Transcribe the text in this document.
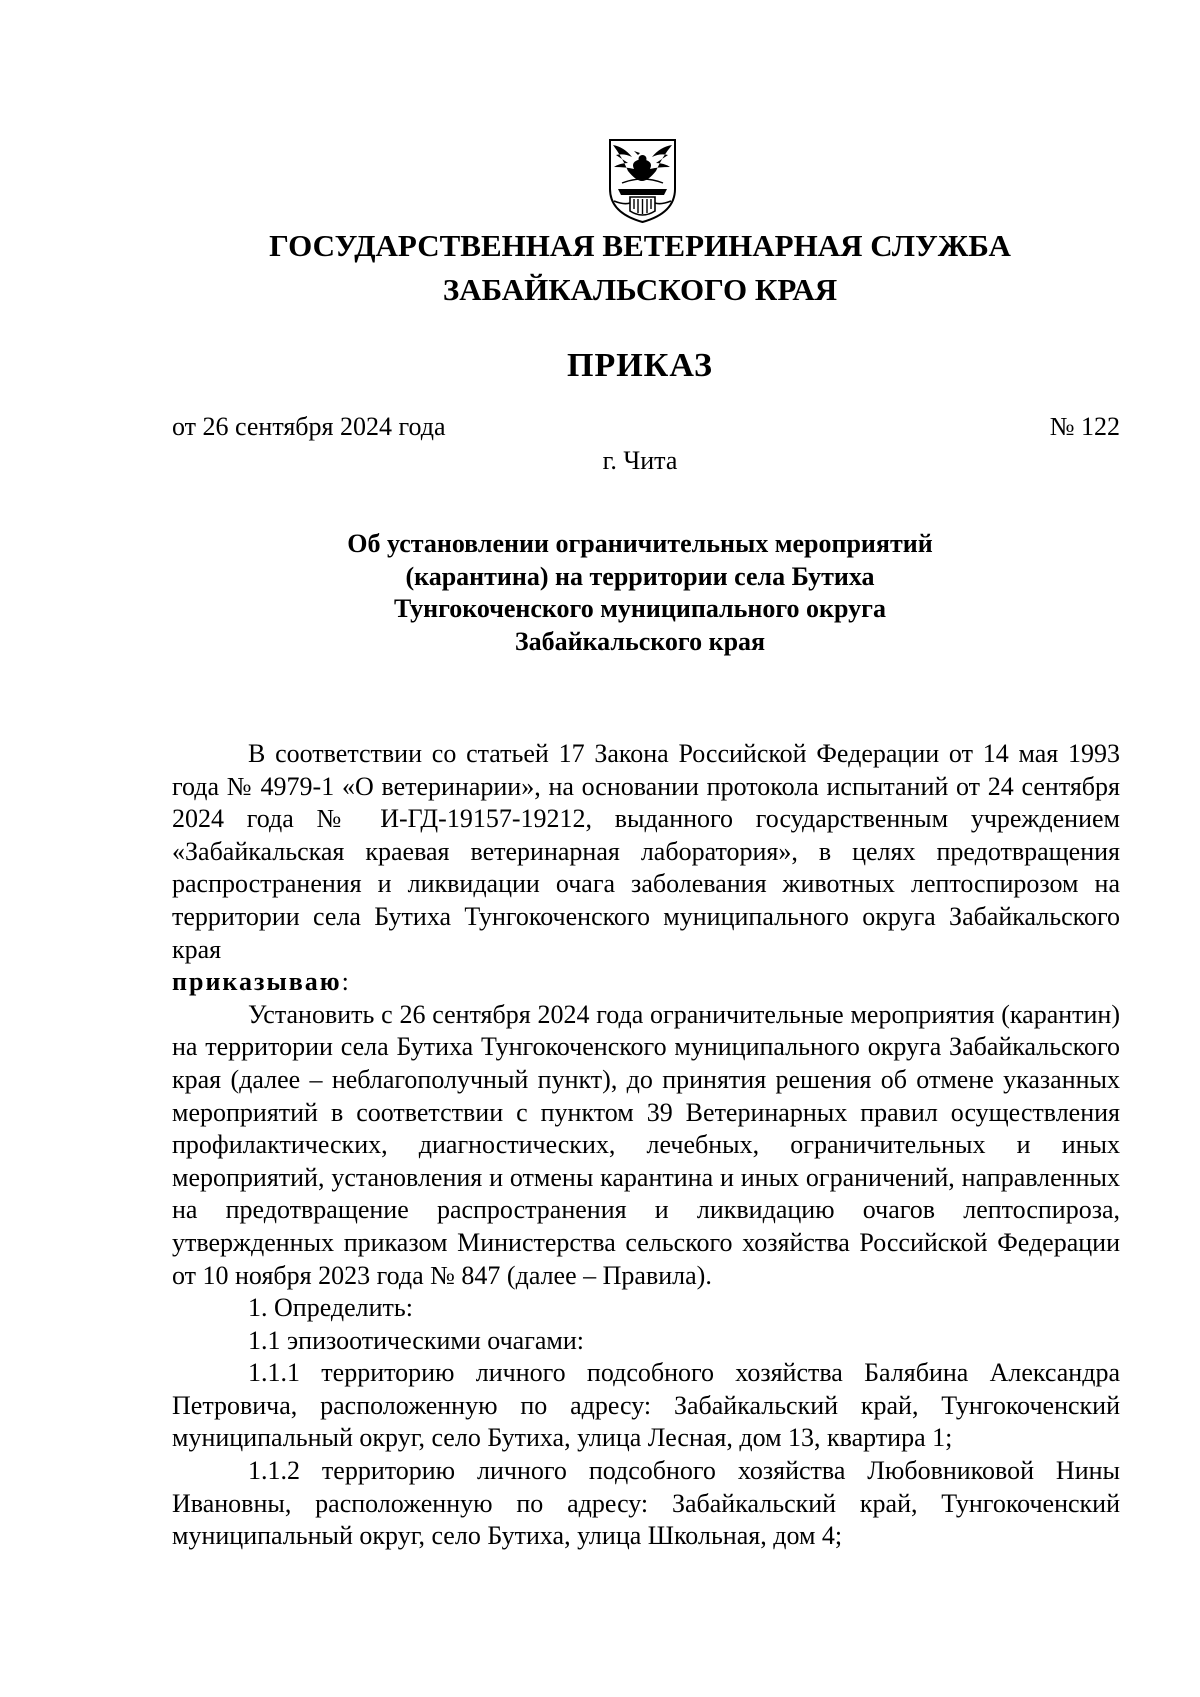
ГОСУДАРСТВЕННАЯ ВЕТЕРИНАРНАЯ СЛУЖБА
ЗАБАЙКАЛЬСКОГО КРАЯ
ПРИКАЗ

от 26 сентября 2024 года	№ 122

г. Чита

Об установлении ограничительных мероприятий
(карантина) на территории села Бутиха
Тунгокоченского муниципального округа
Забайкальского края

В соответствии со статьей 17 Закона Российской Федерации от 14 мая 1993 года № 4979-1 «О ветеринарии», на основании протокола испытаний от 24 сентября 2024 года № И-ГД-19157-19212, выданного государственным учреждением «Забайкальская краевая ветеринарная лаборатория», в целях предотвращения распространения и ликвидации очага заболевания животных лептоспирозом на территории села Бутиха Тунгокоченского муниципального округа Забайкальского края

приказываю:

Установить с 26 сентября 2024 года ограничительные мероприятия (карантин) на территории села Бутиха Тунгокоченского муниципального округа Забайкальского края (далее – неблагополучный пункт), до принятия решения об отмене указанных мероприятий в соответствии с пунктом 39 Ветеринарных правил осуществления профилактических, диагностических, лечебных, ограничительных и иных мероприятий, установления и отмены карантина и иных ограничений, направленных на предотвращение распространения и ликвидацию очагов лептоспироза, утвержденных приказом Министерства сельского хозяйства Российской Федерации от 10 ноября 2023 года № 847 (далее – Правила).

1. Определить:

1.1 эпизоотическими очагами:

1.1.1 территорию личного подсобного хозяйства Балябина Александра Петровича, расположенную по адресу: Забайкальский край, Тунгокоченский муниципальный округ, село Бутиха, улица Лесная, дом 13, квартира 1;

1.1.2 территорию личного подсобного хозяйства Любовниковой Нины Ивановны, расположенную по адресу: Забайкальский край, Тунгокоченский муниципальный округ, село Бутиха, улица Школьная, дом 4;
